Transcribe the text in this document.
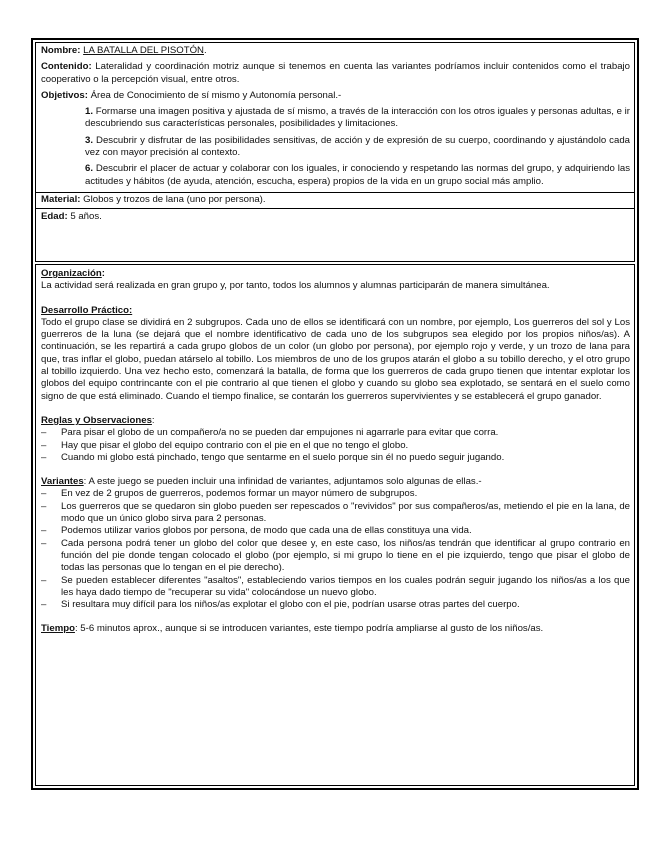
Nombre: LA BATALLA DEL PISOTÓN.

Contenido: Lateralidad y coordinación motriz aunque si tenemos en cuenta las variantes podríamos incluir contenidos como el trabajo cooperativo o la percepción visual, entre otros.

Objetivos: Área de Conocimiento de sí mismo y Autonomía personal.-

1. Formarse una imagen positiva y ajustada de sí mismo, a través de la interacción con los otros iguales y personas adultas, e ir descubriendo sus características personales, posibilidades y limitaciones.

3. Descubrir y disfrutar de las posibilidades sensitivas, de acción y de expresión de su cuerpo, coordinando y ajustándolo cada vez con mayor precisión al contexto.

6. Descubrir el placer de actuar y colaborar con los iguales, ir conociendo y respetando las normas del grupo, y adquiriendo las actitudes y hábitos (de ayuda, atención, escucha, espera) propios de la vida en un grupo social más amplio.

Material: Globos y trozos de lana (uno por persona).

Edad: 5 años.

Organización:

La actividad será realizada en gran grupo y, por tanto, todos los alumnos y alumnas participarán de manera simultánea.

Desarrollo Práctico:

Todo el grupo clase se dividirá en 2 subgrupos. Cada uno de ellos se identificará con un nombre, por ejemplo, Los guerreros del sol y Los guerreros de la luna (se dejará que el nombre identificativo de cada uno de los subgrupos sea elegido por los propios niños/as). A continuación, se les repartirá a cada grupo globos de un color (un globo por persona), por ejemplo rojo y verde, y un trozo de lana para que, tras inflar el globo, puedan atárselo al tobillo. Los miembros de uno de los grupos atarán el globo a su tobillo derecho, y el otro grupo al tobillo izquierdo. Una vez hecho esto, comenzará la batalla, de forma que los guerreros de cada grupo tienen que intentar explotar los globos del equipo contrincante con el pie contrario al que tienen el globo y cuando su globo sea explotado, se sentará en el suelo como signo de que está eliminado. Cuando el tiempo finalice, se contarán los guerreros supervivientes y se establecerá el grupo ganador.

Reglas y Observaciones:

– Para pisar el globo de un compañero/a no se pueden dar empujones ni agarrarle para evitar que corra.
– Hay que pisar el globo del equipo contrario con el pie en el que no tengo el globo.
– Cuando mi globo está pinchado, tengo que sentarme en el suelo porque sin él no puedo seguir jugando.

Variantes: A este juego se pueden incluir una infinidad de variantes, adjuntamos solo algunas de ellas.-

– En vez de 2 grupos de guerreros, podemos formar un mayor número de subgrupos.
– Los guerreros que se quedaron sin globo pueden ser repescados o "revividos" por sus compañeros/as, metiendo el pie en la lana, de modo que un único globo sirva para 2 personas.
– Podemos utilizar varios globos por persona, de modo que cada una de ellas constituya una vida.
– Cada persona podrá tener un globo del color que desee y, en este caso, los niños/as tendrán que identificar al grupo contrario en función del pie donde tengan colocado el globo (por ejemplo, si mi grupo lo tiene en el pie izquierdo, tengo que pisar el globo de todas las personas que lo tengan en el pie derecho).
– Se pueden establecer diferentes "asaltos", estableciendo varios tiempos en los cuales podrán seguir jugando los niños/as a los que les haya dado tiempo de "recuperar su vida" colocándose un nuevo globo.
– Si resultara muy difícil para los niños/as explotar el globo con el pie, podrían usarse otras partes del cuerpo.

Tiempo: 5-6 minutos aprox., aunque si se introducen variantes, este tiempo podría ampliarse al gusto de los niños/as.
